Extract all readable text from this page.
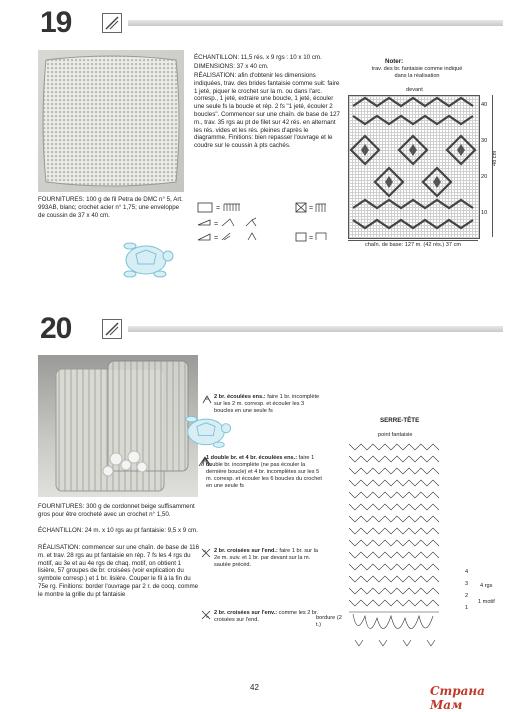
19
FOURNITURES: 100 g de fil Petra de DMC n° 5, Art. 993AB, blanc; crochet acier n° 1,75; une enveloppe de coussin de 37 x 40 cm.
ÉCHANTILLON: 11,5 rés. x 9 rgs : 10 x 10 cm.
DIMENSIONS: 37 x 40 cm.
RÉALISATION: afin d'obtenir les dimensions indiquées, trav. des brides fantaisie comme suit: faire 1 jeté, piquer le crochet sur la m. ou dans l'arc. corresp., 1 jeté, extraire une boucle, 1 jeté, écouler une seule fs la boucle et rép. 2 fs "1 jeté, écouler 2 boucles". Commencer sur une chaîn. de base de 127 m., trav. 35 rgs au pt de filet sur 42 rés. en alternant les rés. vides et les rés. pleines d'après le diagramme. Finitions: bien repasser l'ouvrage et le coudre sur le coussin à pts cachés.
=	=
=
=	=
Noter:
trav. des br. fantaisie comme indiqué dans la réalisation
devant
40
30
20
10
48 cm
chaîn. de base: 127 m. (42 rés.) 37 cm
20
FOURNITURES: 300 g de cordonnet beige suffisamment gros pour être crocheté avec un crochet n° 1,50.
ÉCHANTILLON: 24 m. x 10 rgs au pt fantaisie: 9,5 x 9 cm.
RÉALISATION: commencer sur une chaîn. de base de 116 m. et trav. 28 rgs au pt fantaisie en rép. 7 fs les 4 rgs du motif, au 3e et au 4e rgs de chaq. motif, on obtient 1 lisière, 57 groupes de br. croisées (voir explication du symbole corresp.) et 1 br. lisière. Couper le fil à la fin du 75e rg. Finitions: border l'ouvrage par 2 r. de cocq. comme le montre la grille du pt fantaisie
2 br. écoulées ens.: faire 1 br. incomplète sur les 2 m. corresp. et écouler les 3 boucles en une seule fs
1 double br. et 4 br. écoulées ens.: faire 1 double br. incomplète (ne pas écouler la dernière boucle) et 4 br. incomplètes sur les 5 m. corresp. et écouler les 6 boucles du crochet en une seule fs
2 br. croisées sur l'end.: faire 1 br. sur la 2e m. suiv. et 1 br. par devant sur la m. sautée précéd.
2 br. croisées sur l'env.: comme les 2 br. croisées sur l'end.
SERRE-TÊTE
point fantaisie
4
3
2
1
4 rgs
1 motif
bordure (2 t.)
42	Страна Мам
